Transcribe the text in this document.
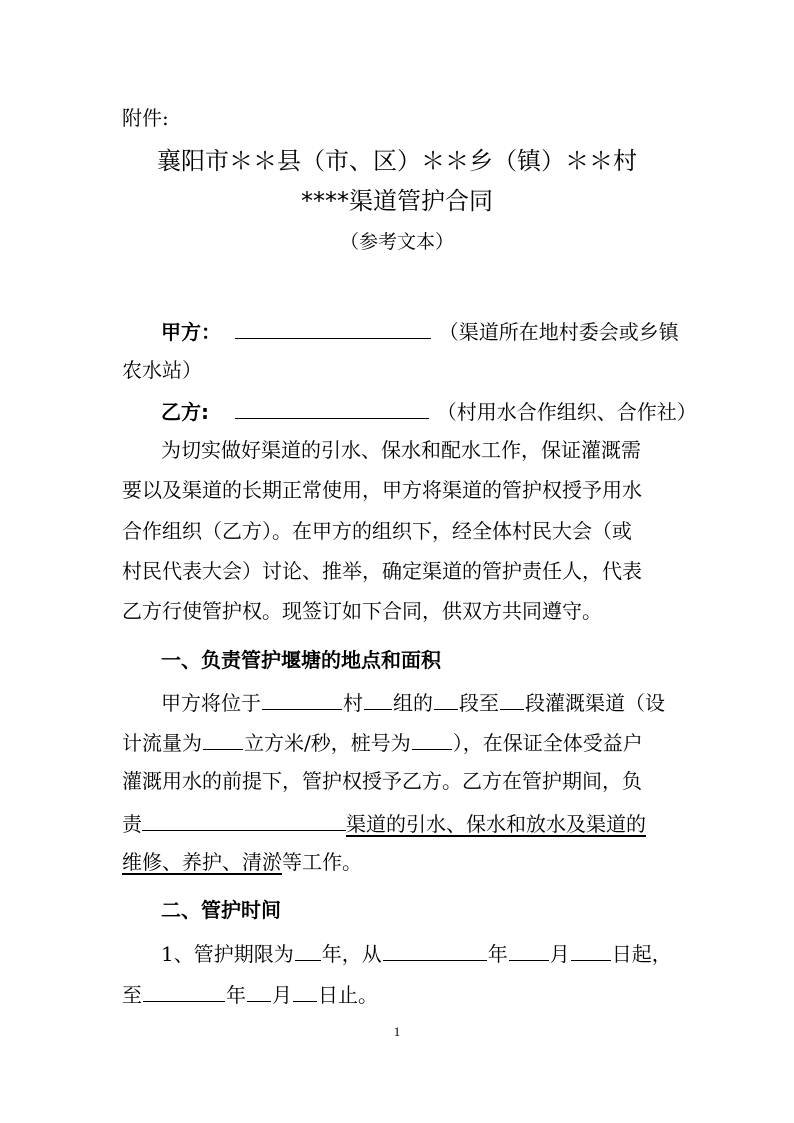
附件:
襄阳市＊＊县（市、区）＊＊乡（镇）＊＊村
****渠道管护合同
（参考文本）
甲方：	（渠道所在地村委会或乡镇
农水站）
乙方:	（村用水合作组织、合作社）
为切实做好渠道的引水、保水和配水工作，保证灌溉需
要以及渠道的长期正常使用，甲方将渠道的管护权授予用水
合作组织（乙方）。在甲方的组织下，经全体村民大会（或
村民代表大会）讨论、推举，确定渠道的管护责任人，代表
乙方行使管护权。现签订如下合同，供双方共同遵守。
一、负责管护堰塘的地点和面积
甲方将位于	村 组的 段至 段灌溉渠道（设
计流量为 立方米/秒，桩号为 ），在保证全体受益户
灌溉用水的前提下，管护权授予乙方。乙方在管护期间，负
责	渠道的引水、保水和放水及渠道的
维修、养护、清淤等工作。
二、管护时间
1、管护期限为 年，从	年 月 日起，
至	年 月 日止。
1
